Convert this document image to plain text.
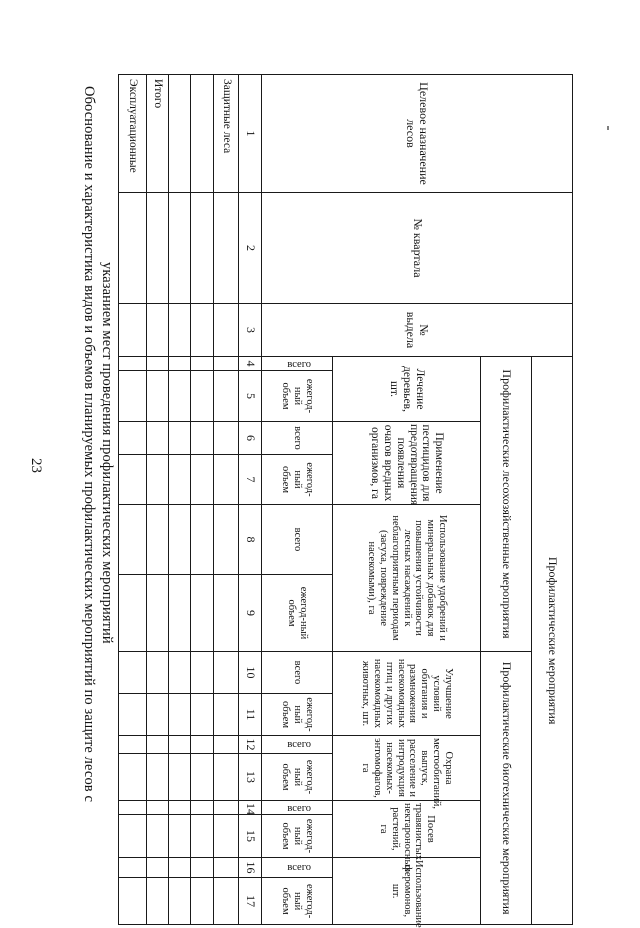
23	Обоснование и характеристика видов и объемов планируемых профилактических мероприятий по защите лесов с указанием мест проведения профилактических мероприятий
Целевое назначение лесов	№ квартала	№ выдела	Профилактические мероприятия													
			Профилактические лесохозяйственные мероприятия						Профилактические биотехнические мероприятия							
			Лечение деревьев, шт.		Применение пестицидов для предотвращения появления очагов вредных организмов, га		Использование удобрений и минеральных добавок для повышения устойчивости лесных насаждений к неблагоприятным периодам (засуха, повреждение насекомыми), га		Улучшение условий обитания и размножения насекомоядных птиц и других насекомоядных животных, шт.		Охрана местообитаний, выпуск, расселение и интродукция насекомых-энтомофагов, га		Посев травянистых нектароносных растений, га		Использование феромонов, шт.	
			всего	ежегод-ный объем	всего	ежегод-ный объем	всего	ежегод-ный объем	всего	ежегод-ный объем	всего	ежегод-ный объем	всего	ежегод-ный объем	всего	ежегод-ный объем
1	2	3	4	5	6	7	8	9	10	11	12	13	14	15	16	17
Защитные леса																

Итого																
Эксплуатационные																
